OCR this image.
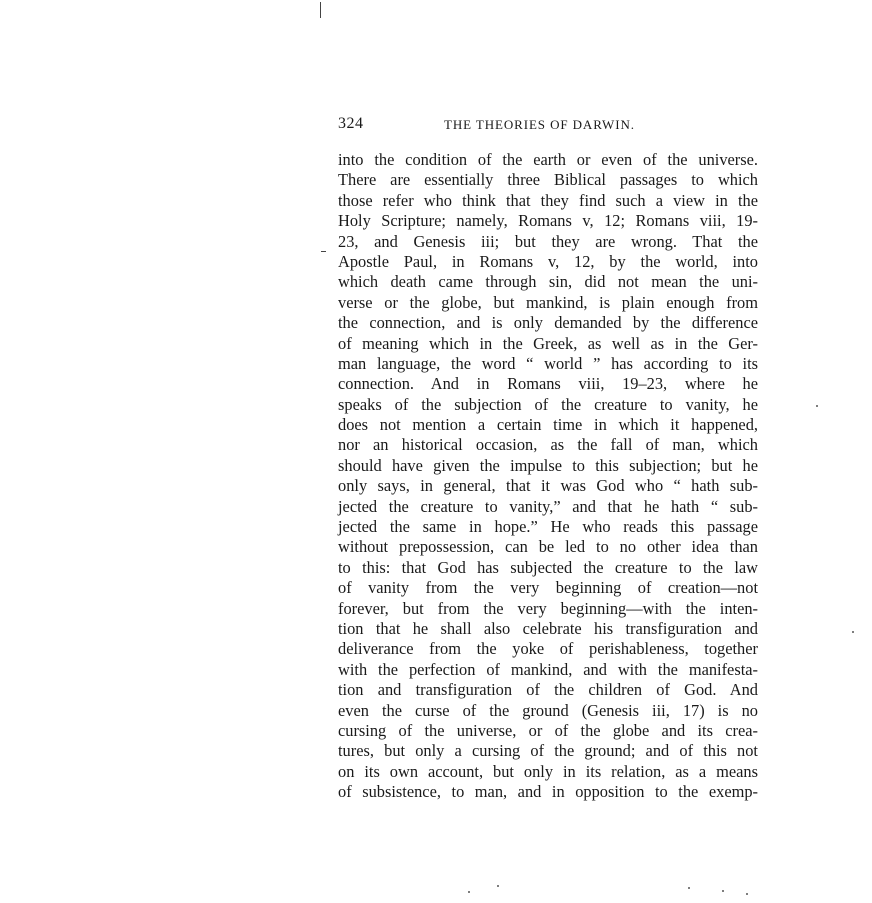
324	THE THEORIES OF DARWIN.
into the condition of the earth or even of the universe.
There are essentially three Biblical passages to which
those refer who think that they find such a view in the
Holy Scripture; namely, Romans v, 12; Romans viii, 19-
23, and Genesis iii; but they are wrong. That the
Apostle Paul, in Romans v, 12, by the world, into
which death came through sin, did not mean the uni-
verse or the globe, but mankind, is plain enough from
the connection, and is only demanded by the difference
of meaning which in the Greek, as well as in the Ger-
man language, the word “ world ” has according to its
connection. And in Romans viii, 19–23, where he
speaks of the subjection of the creature to vanity, he
does not mention a certain time in which it happened,
nor an historical occasion, as the fall of man, which
should have given the impulse to this subjection; but he
only says, in general, that it was God who “ hath sub-
jected the creature to vanity,” and that he hath “ sub-
jected the same in hope.” He who reads this passage
without prepossession, can be led to no other idea than
to this: that God has subjected the creature to the law
of vanity from the very beginning of creation—not
forever, but from the very beginning—with the inten-
tion that he shall also celebrate his transfiguration and
deliverance from the yoke of perishableness, together
with the perfection of mankind, and with the manifesta-
tion and transfiguration of the children of God. And
even the curse of the ground (Genesis iii, 17) is no
cursing of the universe, or of the globe and its crea-
tures, but only a cursing of the ground; and of this not
on its own account, but only in its relation, as a means
of subsistence, to man, and in opposition to the exemp-
